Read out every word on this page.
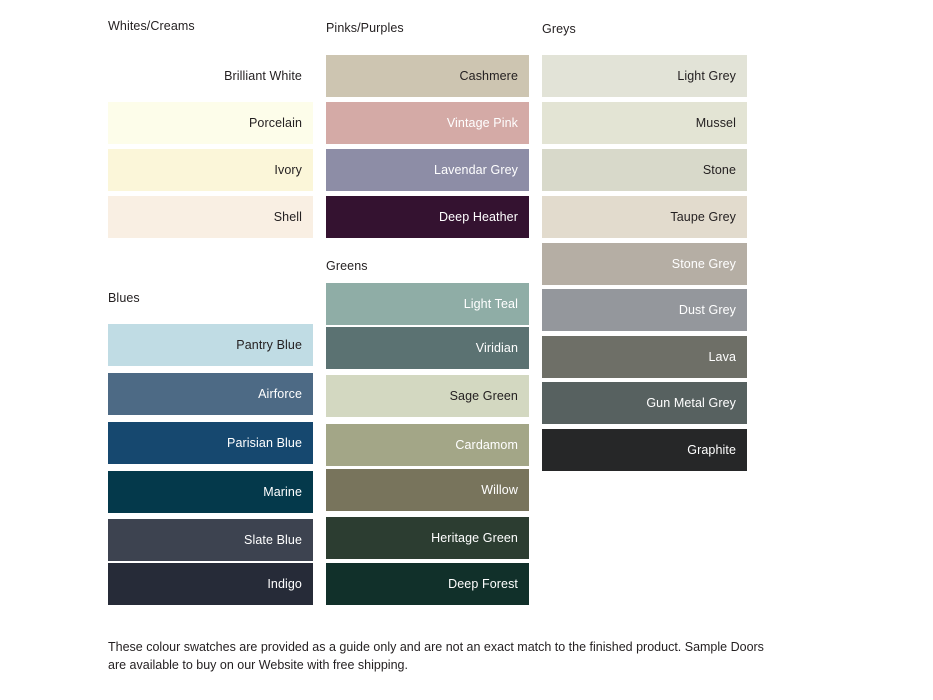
Whites/Creams
Brilliant White
Porcelain
Ivory
Shell
Blues
Pantry Blue
Airforce
Parisian Blue
Marine
Slate Blue
Indigo
Pinks/Purples
Cashmere
Vintage Pink
Lavendar Grey
Deep Heather
Greens
Light Teal
Viridian
Sage Green
Cardamom
Willow
Heritage Green
Deep Forest
Greys
Light Grey
Mussel
Stone
Taupe Grey
Stone Grey
Dust Grey
Lava
Gun Metal Grey
Graphite
These colour swatches are provided as a guide only and are not an exact match to the finished product. Sample Doors are available to buy on our Website with free shipping.
